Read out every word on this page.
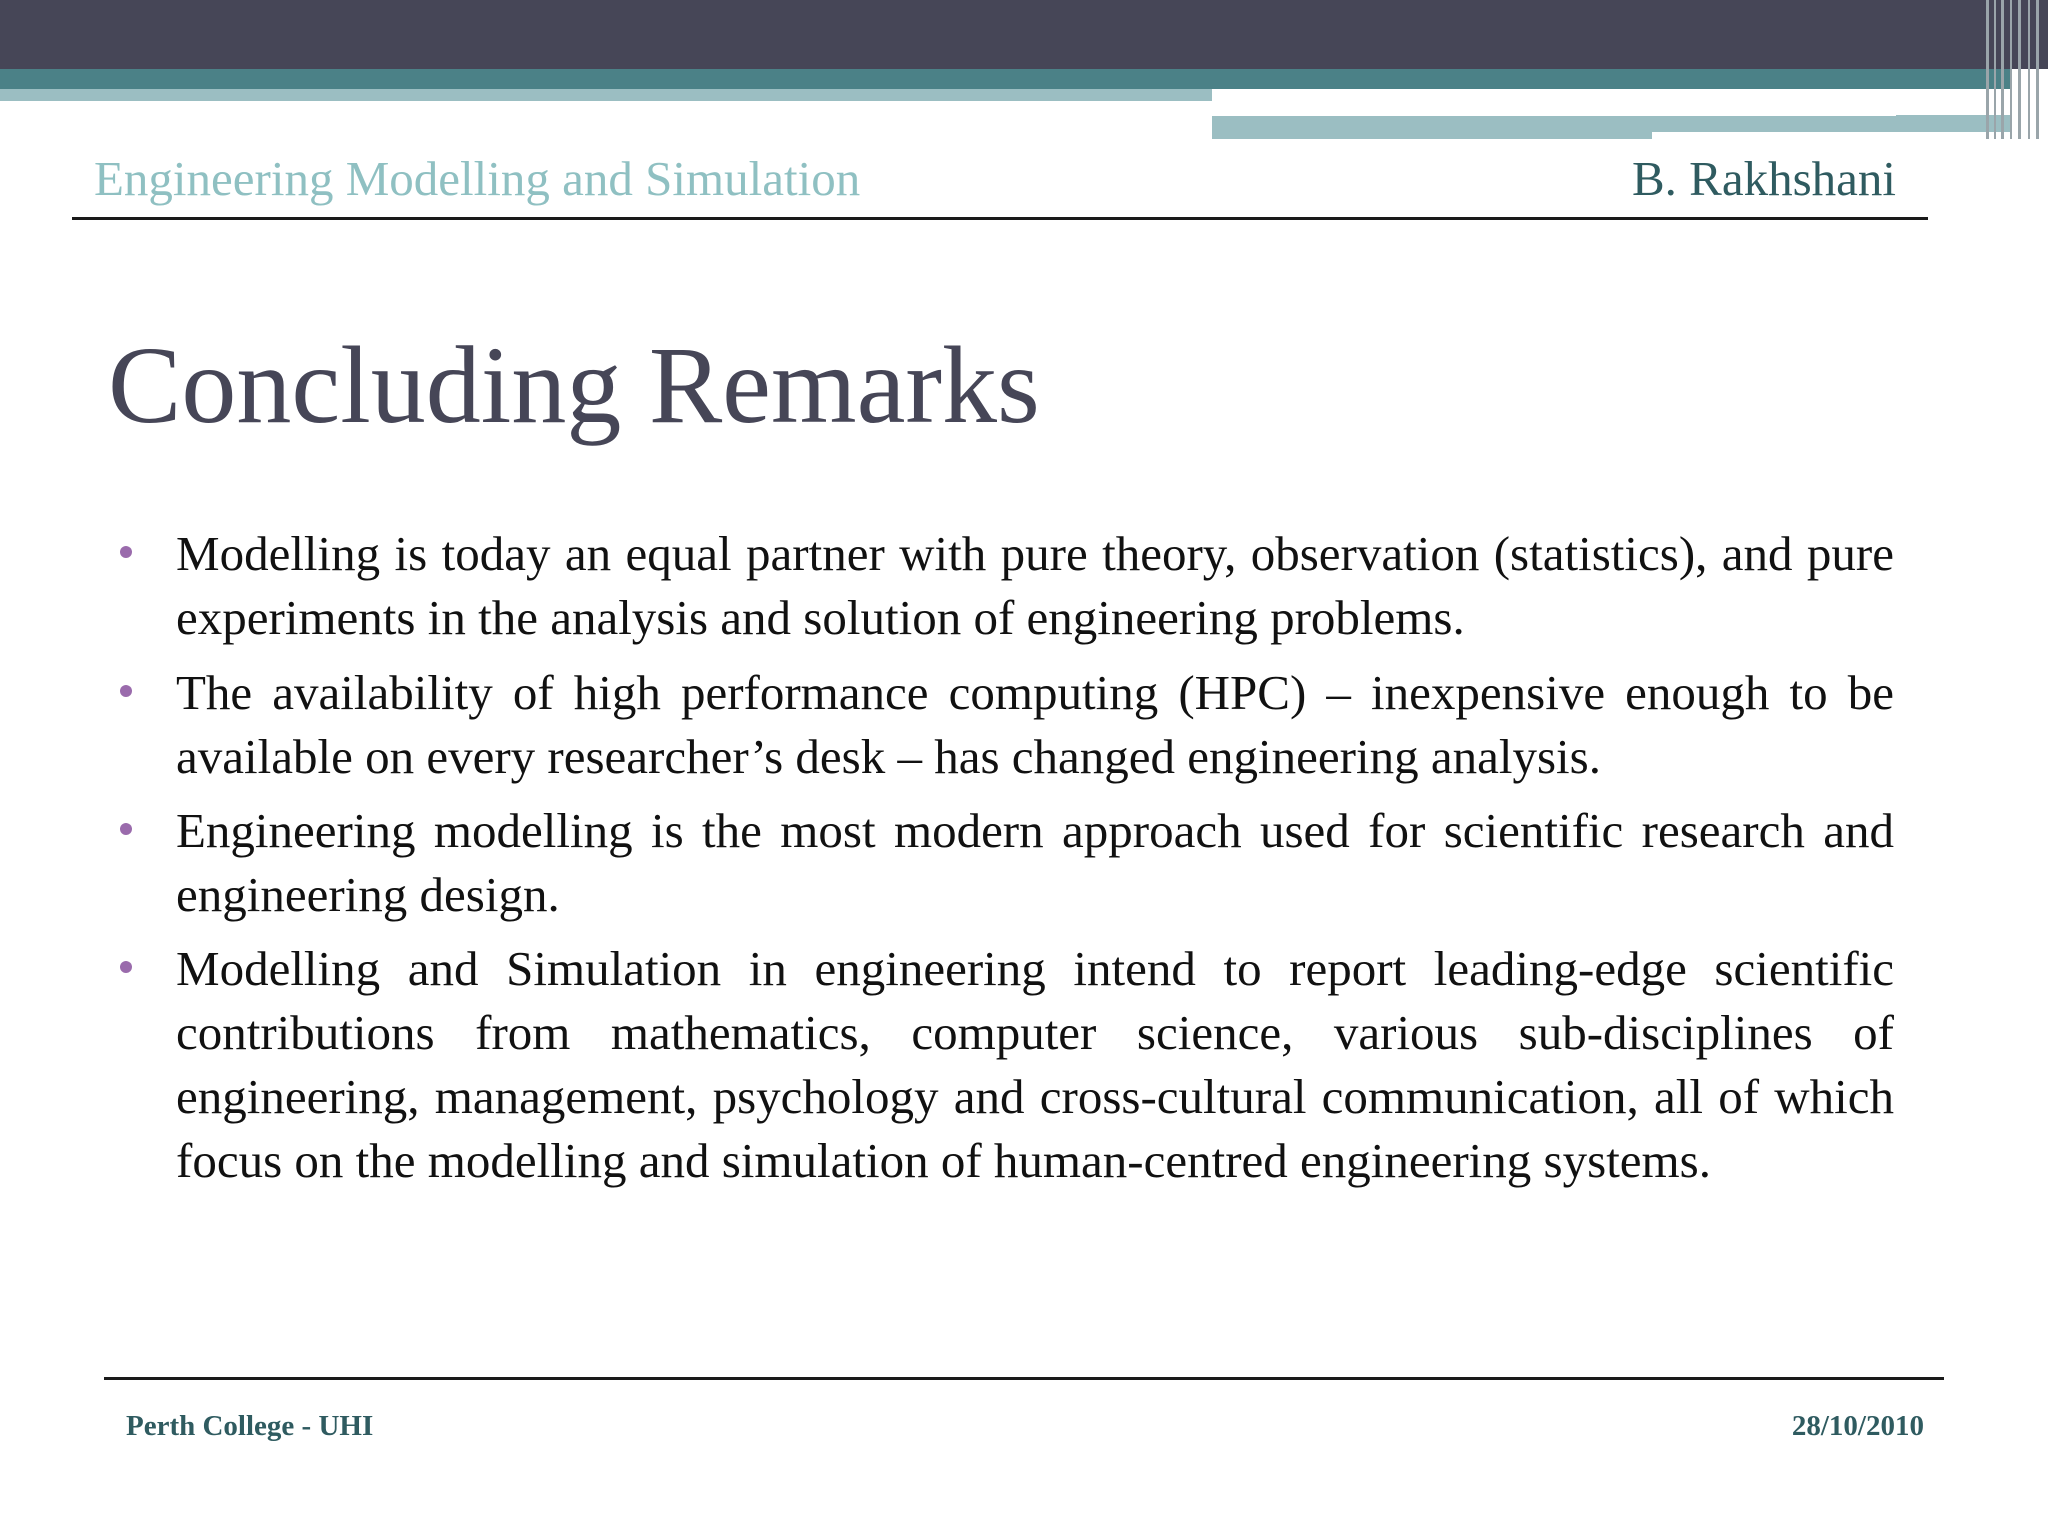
Engineering Modelling and Simulation	B. Rakhshani
Concluding Remarks
Modelling is today an equal partner with pure theory, observation (statistics), and pure experiments in the analysis and solution of engineering problems.
The availability of high performance computing (HPC) – inexpensive enough to be available on every researcher’s desk – has changed engineering analysis.
Engineering modelling is the most modern approach used for scientific research and engineering design.
Modelling and Simulation in engineering intend to report leading-edge scientific contributions from mathematics, computer science, various sub-disciplines of engineering, management, psychology and cross-cultural communication, all of which focus on the modelling and simulation of human-centred engineering systems.
Perth College - UHI	28/10/2010
